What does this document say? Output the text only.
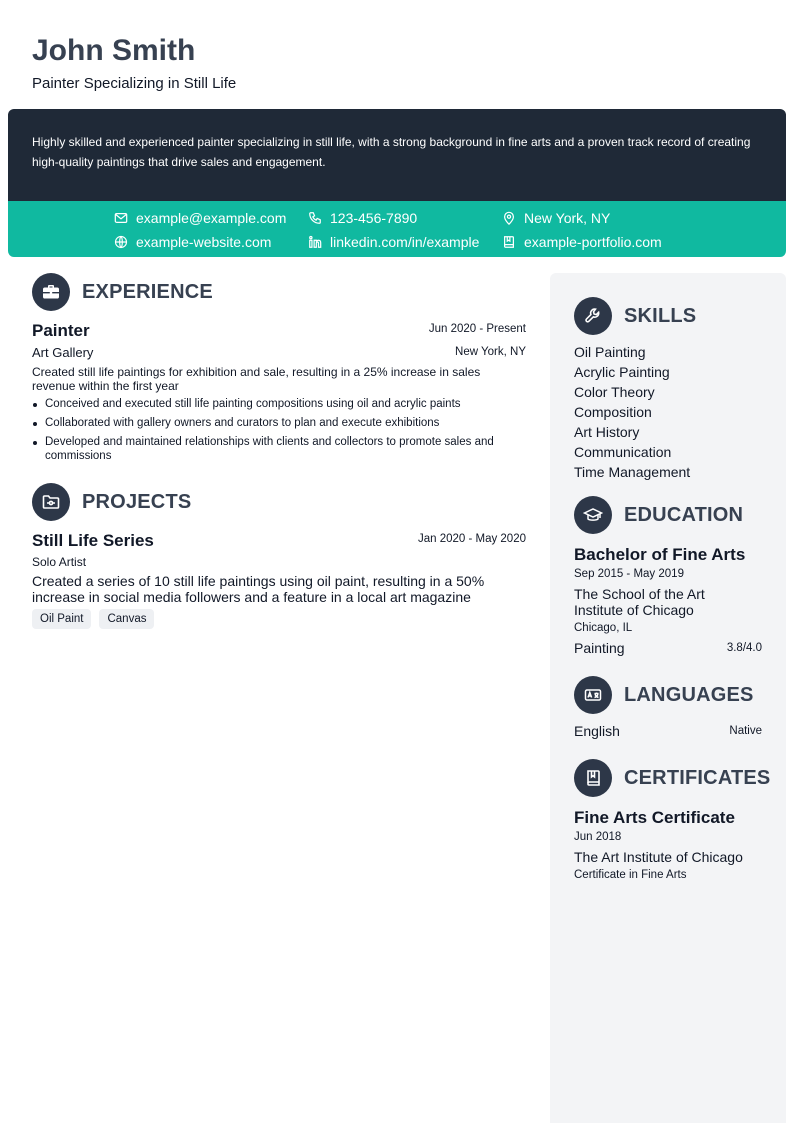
John Smith
Painter Specializing in Still Life
Highly skilled and experienced painter specializing in still life, with a strong background in fine arts and a proven track record of creating high-quality paintings that drive sales and engagement.
example@example.com	123-456-7890	New York, NY
example-website.com	linkedin.com/in/example	example-portfolio.com
EXPERIENCE
Painter	Jun 2020 - Present
Art Gallery	New York, NY
Created still life paintings for exhibition and sale, resulting in a 25% increase in sales revenue within the first year
Conceived and executed still life painting compositions using oil and acrylic paints
Collaborated with gallery owners and curators to plan and execute exhibitions
Developed and maintained relationships with clients and collectors to promote sales and commissions
PROJECTS
Still Life Series	Jan 2020 - May 2020
Solo Artist
Created a series of 10 still life paintings using oil paint, resulting in a 50% increase in social media followers and a feature in a local art magazine
Oil Paint Canvas
SKILLS
Oil Painting
Acrylic Painting
Color Theory
Composition
Art History
Communication
Time Management
EDUCATION
Bachelor of Fine Arts
Sep 2015 - May 2019
The School of the Art Institute of Chicago
Chicago, IL
Painting	3.8/4.0
LANGUAGES
English	Native
CERTIFICATES
Fine Arts Certificate
Jun 2018
The Art Institute of Chicago
Certificate in Fine Arts
